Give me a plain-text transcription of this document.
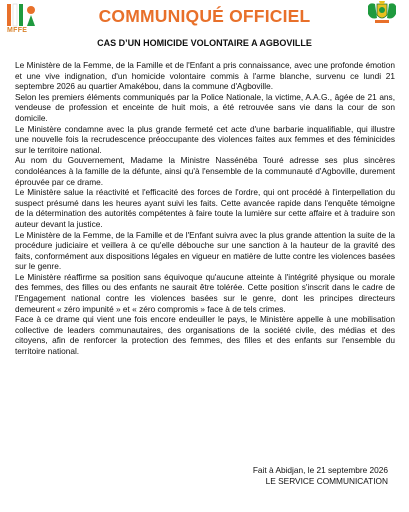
MFFE
COMMUNIQUÉ OFFICIEL
CAS D’UN HOMICIDE VOLONTAIRE A AGBOVILLE

Le Ministère de la Femme, de la Famille et de l'Enfant a pris connaissance, avec une profonde émotion et une vive indignation, d'un homicide volontaire commis à l'arme blanche, survenu ce lundi 21 septembre 2026 au quartier Amakébou, dans la commune d'Agboville.

Selon les premiers éléments communiqués par la Police Nationale, la victime, A.A.G., âgée de 21 ans, vendeuse de profession et enceinte de huit mois, a été retrouvée sans vie dans la cour de son domicile.

Le Ministère condamne avec la plus grande fermeté cet acte d'une barbarie inqualifiable, qui illustre une nouvelle fois la recrudescence préoccupante des violences faites aux femmes et des féminicides sur le territoire national.

Au nom du Gouvernement, Madame la Ministre Nassénéba Touré adresse ses plus sincères condoléances à la famille de la défunte, ainsi qu'à l'ensemble de la communauté d'Agboville, durement éprouvée par ce drame.

Le Ministère salue la réactivité et l'efficacité des forces de l'ordre, qui ont procédé à l'interpellation du suspect présumé dans les heures ayant suivi les faits. Cette avancée rapide dans l'enquête témoigne de la détermination des autorités compétentes à faire toute la lumière sur cette affaire et à traduire son auteur devant la justice.

Le Ministère de la Femme, de la Famille et de l'Enfant suivra avec la plus grande attention la suite de la procédure judiciaire et veillera à ce qu'elle débouche sur une sanction à la hauteur de la gravité des faits, conformément aux dispositions légales en vigueur en matière de lutte contre les violences basées sur le genre.

Le Ministère réaffirme sa position sans équivoque qu'aucune atteinte à l'intégrité physique ou morale des femmes, des filles ou des enfants ne saurait être tolérée. Cette position s'inscrit dans le cadre de l'Engagement national contre les violences basées sur le genre, dont les principes directeurs demeurent « zéro impunité » et « zéro compromis » face à de tels crimes.

Face à ce drame qui vient une fois encore endeuiller le pays, le Ministère appelle à une mobilisation collective de leaders communautaires, des organisations de la société civile, des médias et des citoyens, afin de renforcer la protection des femmes, des filles et des enfants sur l'ensemble du territoire national.

Fait à Abidjan, le 21 septembre 2026
LE SERVICE COMMUNICATION
